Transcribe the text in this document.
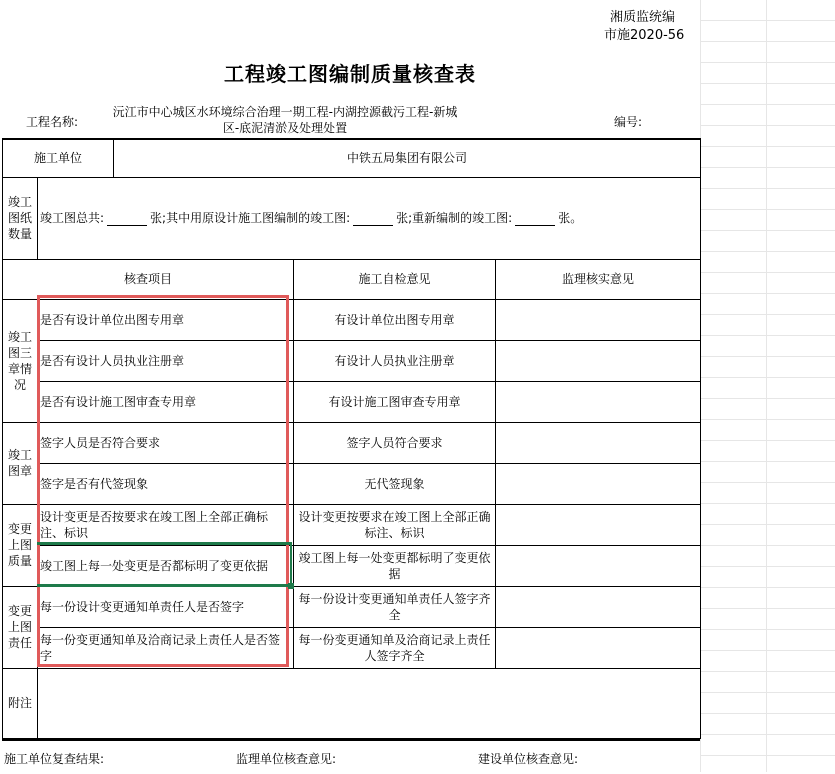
湘质监统编
市施2020-56
工程竣工图编制质量核查表
工程名称:
沅江市中心城区水环境综合治理一期工程-内湖控源截污工程-新城区-底泥清淤及处理处置	编号:
施工单位		中铁五局集团有限公司		
竣工图纸数量	竣工图总共: 张;其中用原设计施工图编制的竣工图: 张;重新编制的竣工图: 张。			
核查项目			施工自检意见	监理核实意见
竣工图三章情况	是否有设计单位出图专用章		有设计单位出图专用章	
	是否有设计人员执业注册章		有设计人员执业注册章	
	是否有设计施工图审查专用章		有设计施工图审查专用章	
竣工图章	签字人员是否符合要求		签字人员符合要求	
	签字是否有代签现象		无代签现象	
变更上图质量	设计变更是否按要求在竣工图上全部正确标注、标识		设计变更按要求在竣工图上全部正确标注、标识	
	竣工图上每一处变更是否都标明了变更依据		竣工图上每一处变更都标明了变更依据	
变更上图责任	每一份设计变更通知单责任人是否签字		每一份设计变更通知单责任人签字齐全	
	每一份变更通知单及洽商记录上责任人是否签字		每一份变更通知单及洽商记录上责任人签字齐全	
附注				
施工单位复查结果:	监理单位核查意见:	建设单位核查意见:
